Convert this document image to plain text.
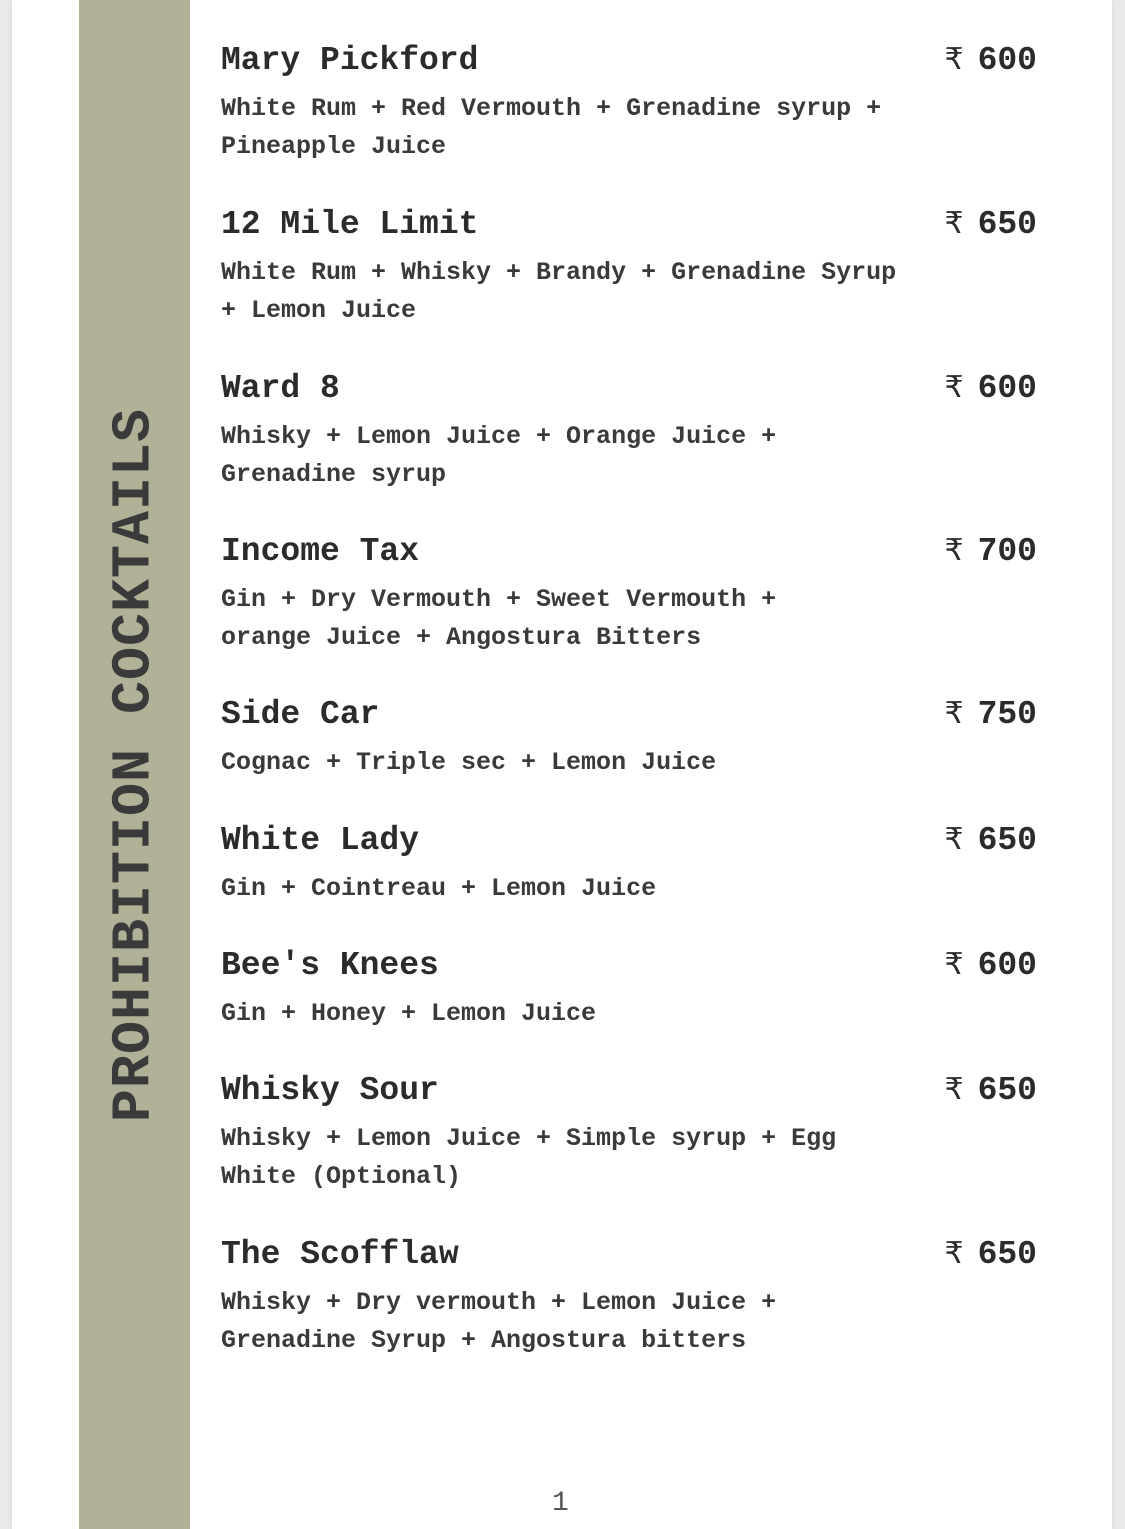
PROHIBITION COCKTAILS
Mary Pickford	₹ 600
White Rum + Red Vermouth + Grenadine syrup +
Pineapple Juice
12 Mile Limit	₹ 650
White Rum + Whisky + Brandy + Grenadine Syrup
+ Lemon Juice
Ward 8	₹ 600
Whisky + Lemon Juice + Orange Juice +
Grenadine syrup
Income Tax	₹ 700
Gin + Dry Vermouth + Sweet Vermouth +
orange Juice + Angostura Bitters
Side Car	₹ 750
Cognac + Triple sec + Lemon Juice
White Lady	₹ 650
Gin + Cointreau + Lemon Juice
Bee's Knees	₹ 600
Gin + Honey + Lemon Juice
Whisky Sour	₹ 650
Whisky + Lemon Juice + Simple syrup + Egg
White (Optional)
The Scofflaw	₹ 650
Whisky + Dry vermouth + Lemon Juice +
Grenadine Syrup + Angostura bitters
1
